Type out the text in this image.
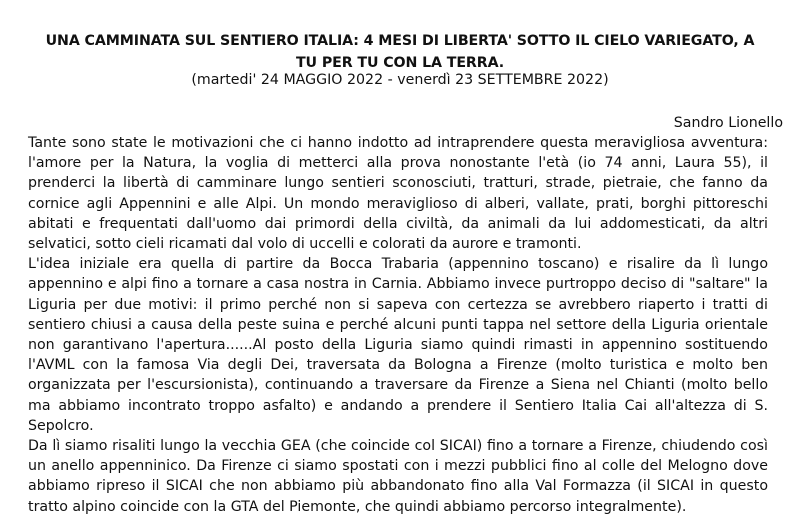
UNA CAMMINATA SUL SENTIERO ITALIA: 4 MESI DI LIBERTA' SOTTO IL CIELO VARIEGATO, A TU PER TU CON LA TERRA.
(martedi' 24 MAGGIO 2022 - venerdì 23 SETTEMBRE 2022)
Sandro Lionello

Tante sono state le motivazioni che ci hanno indotto ad intraprendere questa meravigliosa avventura: l'amore per la Natura, la voglia di metterci alla prova nonostante l'età (io 74 anni, Laura 55), il prenderci la libertà di camminare lungo sentieri sconosciuti, tratturi, strade, pietraie, che fanno da cornice agli Appennini e alle Alpi. Un mondo meraviglioso di alberi, vallate, prati, borghi pittoreschi abitati e frequentati dall'uomo dai primordi della civiltà, da animali da lui addomesticati, da altri selvatici, sotto cieli ricamati dal volo di uccelli e colorati da aurore e tramonti.

L'idea iniziale era quella di partire da Bocca Trabaria (appennino toscano) e risalire da lì lungo appennino e alpi fino a tornare a casa nostra in Carnia. Abbiamo invece purtroppo deciso di "saltare" la Liguria per due motivi: il primo perché non si sapeva con certezza se avrebbero riaperto i tratti di sentiero chiusi a causa della peste suina e perché alcuni punti tappa nel settore della Liguria orientale non garantivano l'apertura......Al posto della Liguria siamo quindi rimasti in appennino sostituendo l'AVML con la famosa Via degli Dei, traversata da Bologna a Firenze (molto turistica e molto ben organizzata per l'escursionista), continuando a traversare da Firenze a Siena nel Chianti (molto bello ma abbiamo incontrato troppo asfalto) e andando a prendere il Sentiero Italia Cai all'altezza di S. Sepolcro.

Da lì siamo risaliti lungo la vecchia GEA (che coincide col SICAI) fino a tornare a Firenze, chiudendo così un anello appenninico. Da Firenze ci siamo spostati con i mezzi pubblici fino al colle del Melogno dove abbiamo ripreso il SICAI che non abbiamo più abbandonato fino alla Val Formazza (il SICAI in questo tratto alpino coincide con la GTA del Piemonte, che quindi abbiamo percorso integralmente).
